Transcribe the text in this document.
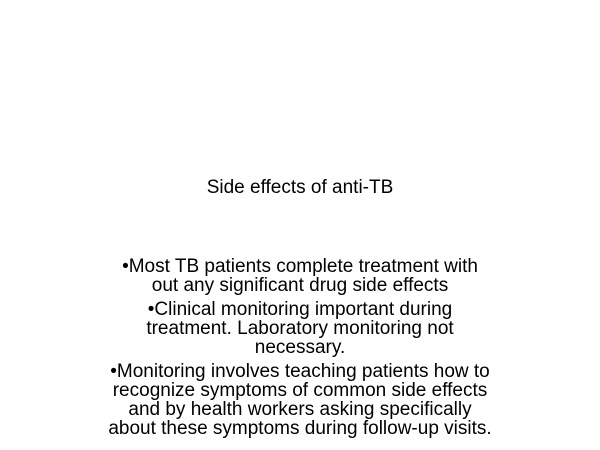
Side effects of anti-TB
•Most TB patients complete treatment with
out any significant drug side effects
•Clinical monitoring important during
treatment. Laboratory monitoring not
necessary.
•Monitoring involves teaching patients how to
recognize symptoms of common side effects
and by health workers asking specifically
about these symptoms during follow-up visits.
